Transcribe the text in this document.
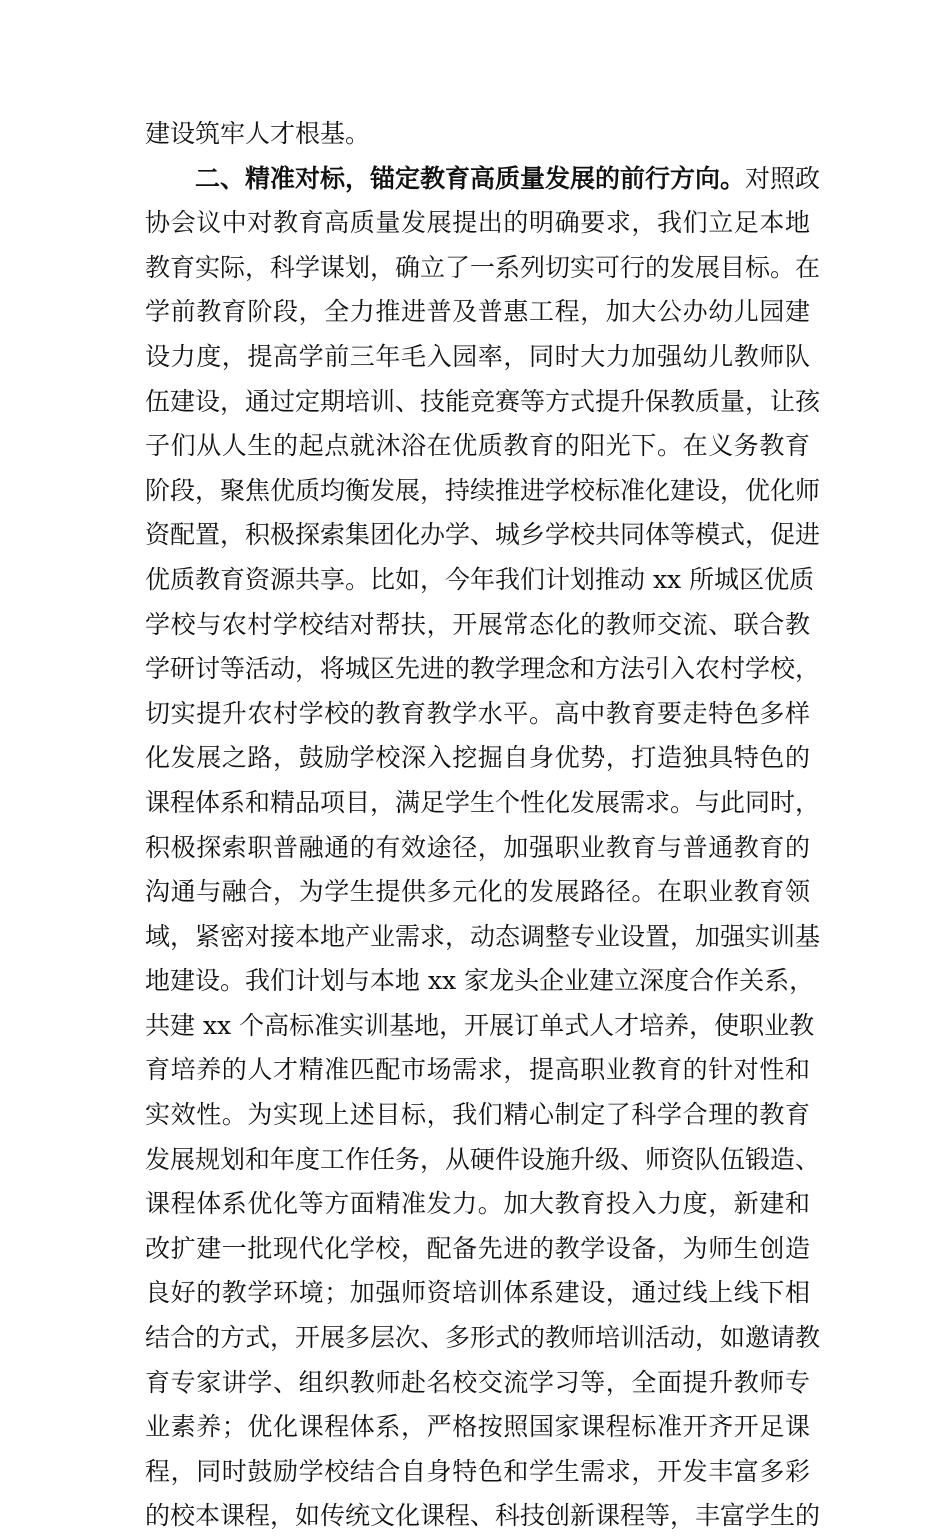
建设筑牢人才根基。
二、精准对标，锚定教育高质量发展的前行方向。对照政
协会议中对教育高质量发展提出的明确要求，我们立足本地
教育实际，科学谋划，确立了一系列切实可行的发展目标。在
学前教育阶段，全力推进普及普惠工程，加大公办幼儿园建
设力度，提高学前三年毛入园率，同时大力加强幼儿教师队
伍建设，通过定期培训、技能竞赛等方式提升保教质量，让孩
子们从人生的起点就沐浴在优质教育的阳光下。在义务教育
阶段，聚焦优质均衡发展，持续推进学校标准化建设，优化师
资配置，积极探索集团化办学、城乡学校共同体等模式，促进
优质教育资源共享。比如，今年我们计划推动 xx 所城区优质
学校与农村学校结对帮扶，开展常态化的教师交流、联合教
学研讨等活动，将城区先进的教学理念和方法引入农村学校，
切实提升农村学校的教育教学水平。高中教育要走特色多样
化发展之路，鼓励学校深入挖掘自身优势，打造独具特色的
课程体系和精品项目，满足学生个性化发展需求。与此同时，
积极探索职普融通的有效途径，加强职业教育与普通教育的
沟通与融合，为学生提供多元化的发展路径。在职业教育领
域，紧密对接本地产业需求，动态调整专业设置，加强实训基
地建设。我们计划与本地 xx 家龙头企业建立深度合作关系，
共建 xx 个高标准实训基地，开展订单式人才培养，使职业教
育培养的人才精准匹配市场需求，提高职业教育的针对性和
实效性。为实现上述目标，我们精心制定了科学合理的教育
发展规划和年度工作任务，从硬件设施升级、师资队伍锻造、
课程体系优化等方面精准发力。加大教育投入力度，新建和
改扩建一批现代化学校，配备先进的教学设备，为师生创造
良好的教学环境；加强师资培训体系建设，通过线上线下相
结合的方式，开展多层次、多形式的教师培训活动，如邀请教
育专家讲学、组织教师赴名校交流学习等，全面提升教师专
业素养；优化课程体系，严格按照国家课程标准开齐开足课
程，同时鼓励学校结合自身特色和学生需求，开发丰富多彩
的校本课程，如传统文化课程、科技创新课程等，丰富学生的
